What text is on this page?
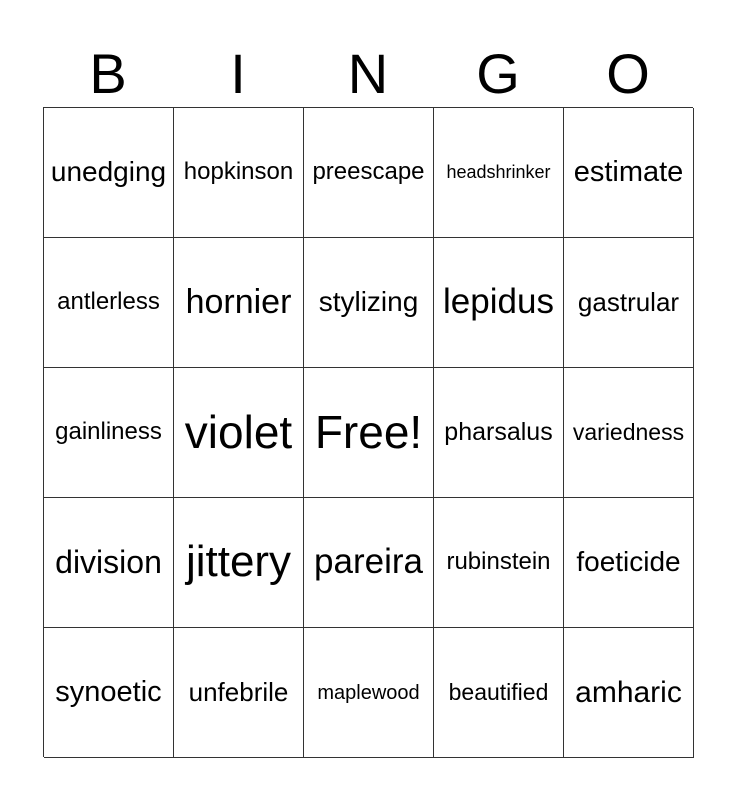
B	I	N	G	O
unedging hopkinson preescape headshrinker estimate
antlerless hornier stylizing lepidus gastrular
gainliness violet Free! pharsalus variedness
division jittery pareira rubinstein foeticide
synoetic unfebrile maplewood beautified amharic
